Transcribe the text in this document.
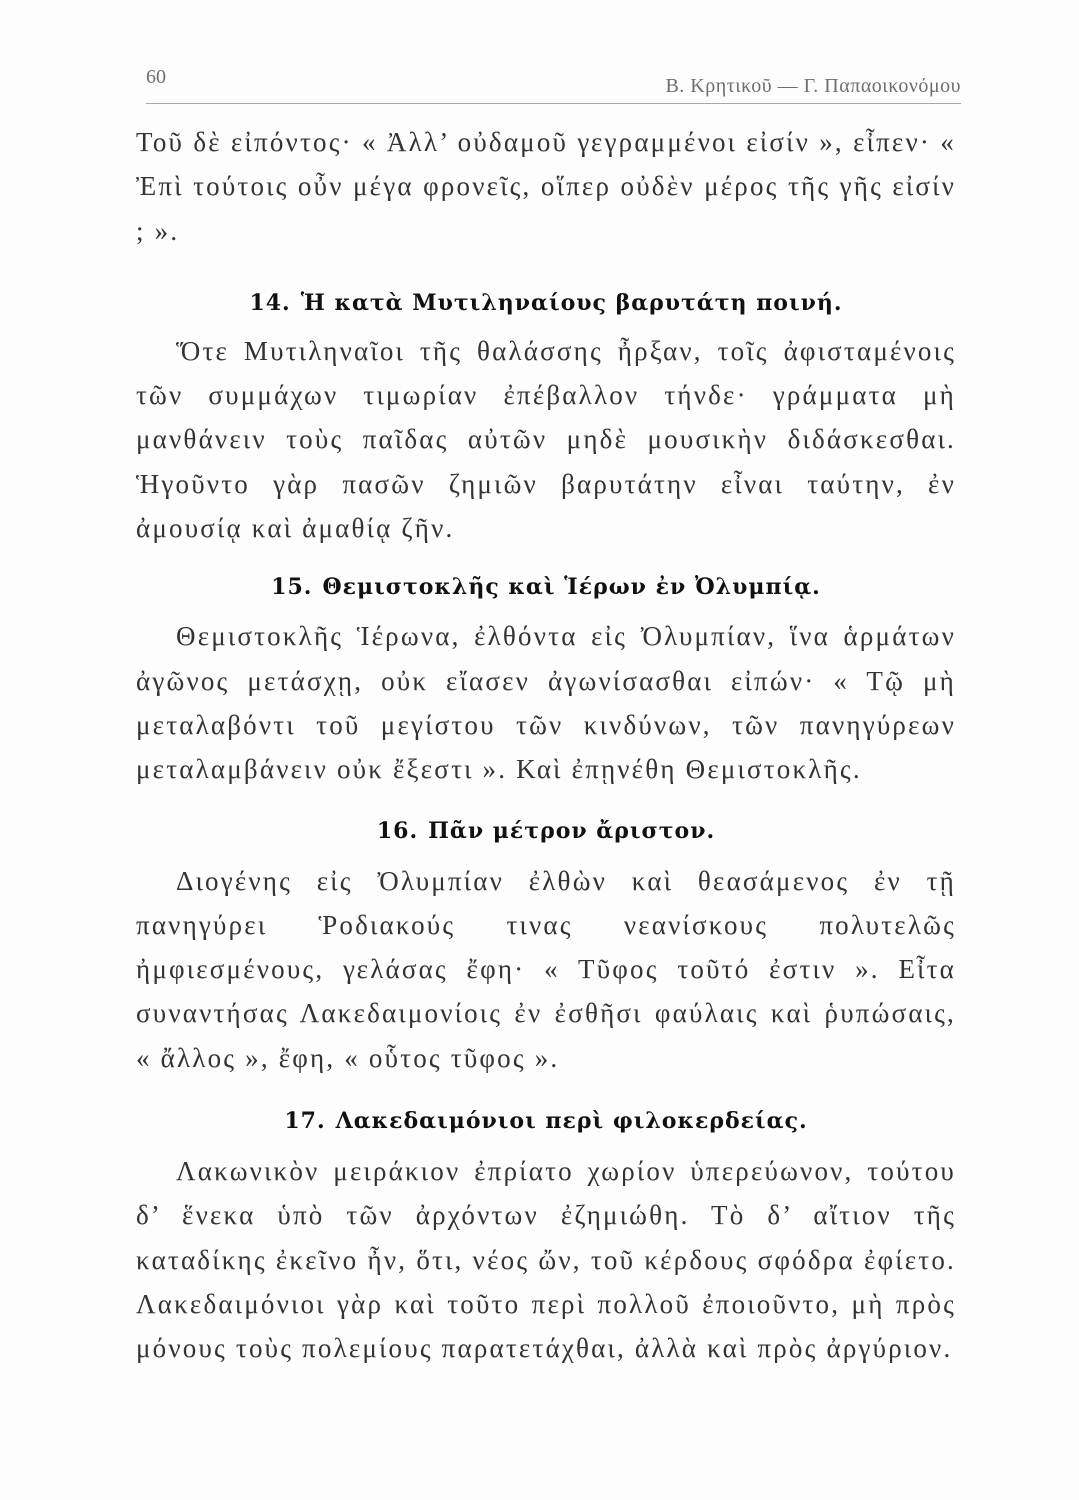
60	Β. Κρητικοῦ — Γ. Παπαοικονόμου

Τοῦ δὲ εἰπόντος· « Ἀλλ’ οὐδαμοῦ γεγραμμένοι εἰσίν », εἶπεν· « Ἐπὶ τούτοις οὖν μέγα φρονεῖς, οἵπερ οὐδὲν μέρος τῆς γῆς εἰσίν ; ».

14. Ἡ κατὰ Μυτιληναίους βαρυτάτη ποινή.

Ὅτε Μυτιληναῖοι τῆς θαλάσσης ἦρξαν, τοῖς ἀφισταμένοις τῶν συμμάχων τιμωρίαν ἐπέβαλλον τήνδε· γράμματα μὴ μανθάνειν τοὺς παῖδας αὐτῶν μηδὲ μουσικὴν διδάσκεσθαι. Ἡγοῦντο γὰρ πασῶν ζημιῶν βαρυτάτην εἶναι ταύτην, ἐν ἀμουσίᾳ καὶ ἀμαθίᾳ ζῆν.

15. Θεμιστοκλῆς καὶ Ἱέρων ἐν Ὀλυμπίᾳ.

Θεμιστοκλῆς Ἱέρωνα, ἐλθόντα εἰς Ὀλυμπίαν, ἵνα ἁρμάτων ἀγῶνος μετάσχῃ, οὐκ εἴασεν ἀγωνίσασθαι εἰπών· « Τῷ μὴ μεταλαβόντι τοῦ μεγίστου τῶν κινδύνων, τῶν πανηγύρεων μεταλαμβάνειν οὐκ ἔξεστι ». Καὶ ἐπῃνέθη Θεμιστοκλῆς.

16. Πᾶν μέτρον ἄριστον.

Διογένης εἰς Ὀλυμπίαν ἐλθὼν καὶ θεασάμενος ἐν τῇ πανηγύρει Ῥοδιακούς τινας νεανίσκους πολυτελῶς ἠμφιεσμένους, γελάσας ἔφη· « Τῦφος τοῦτό ἐστιν ». Εἶτα συναντήσας Λακεδαιμονίοις ἐν ἐσθῆσι φαύλαις καὶ ῥυπώσαις, « ἄλλος », ἔφη, « οὗτος τῦφος ».

17. Λακεδαιμόνιοι περὶ φιλοκερδείας.

Λακωνικὸν μειράκιον ἐπρίατο χωρίον ὑπερεύωνον, τούτου δ’ ἕνεκα ὑπὸ τῶν ἀρχόντων ἐζημιώθη. Τὸ δ’ αἴτιον τῆς καταδίκης ἐκεῖνο ἦν, ὅτι, νέος ὤν, τοῦ κέρδους σφόδρα ἐφίετο. Λακεδαιμόνιοι γὰρ καὶ τοῦτο περὶ πολλοῦ ἐποιοῦντο, μὴ πρὸς μόνους τοὺς πολεμίους παρατετάχθαι, ἀλλὰ καὶ πρὸς ἀργύριον.
